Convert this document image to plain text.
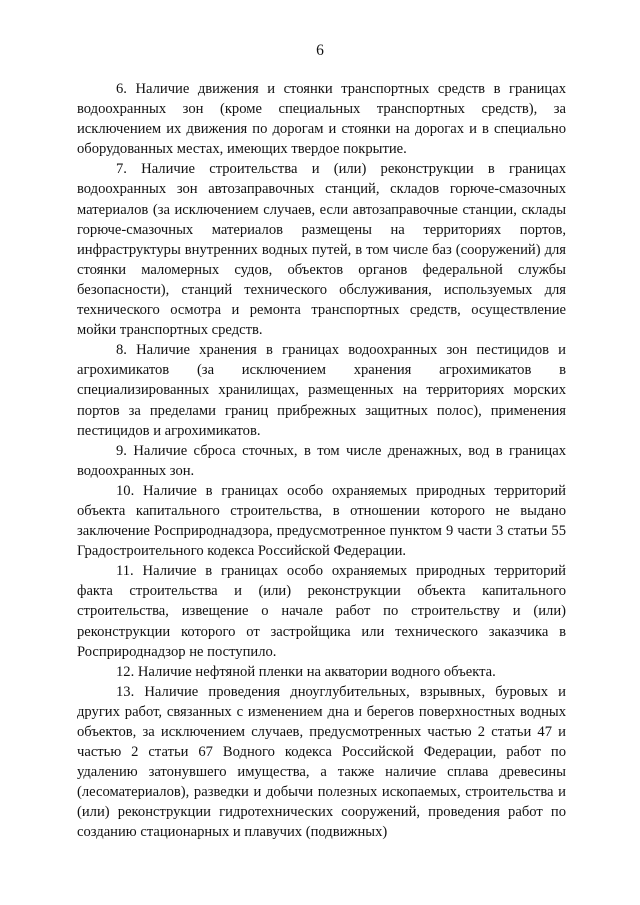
6

6. Наличие движения и стоянки транспортных средств в границах водоохранных зон (кроме специальных транспортных средств), за исключением их движения по дорогам и стоянки на дорогах и в специально оборудованных местах, имеющих твердое покрытие.

7. Наличие строительства и (или) реконструкции в границах водоохранных зон автозаправочных станций, складов горюче-смазочных материалов (за исключением случаев, если автозаправочные станции, склады горюче-смазочных материалов размещены на территориях портов, инфраструктуры внутренних водных путей, в том числе баз (сооружений) для стоянки маломерных судов, объектов органов федеральной службы безопасности), станций технического обслуживания, используемых для технического осмотра и ремонта транспортных средств, осуществление мойки транспортных средств.

8. Наличие хранения в границах водоохранных зон пестицидов и агрохимикатов (за исключением хранения агрохимикатов в специализированных хранилищах, размещенных на территориях морских портов за пределами границ прибрежных защитных полос), применения пестицидов и агрохимикатов.

9. Наличие сброса сточных, в том числе дренажных, вод в границах водоохранных зон.

10. Наличие в границах особо охраняемых природных территорий объекта капитального строительства, в отношении которого не выдано заключение Росприроднадзора, предусмотренное пунктом 9 части 3 статьи 55 Градостроительного кодекса Российской Федерации.

11. Наличие в границах особо охраняемых природных территорий факта строительства и (или) реконструкции объекта капитального строительства, извещение о начале работ по строительству и (или) реконструкции которого от застройщика или технического заказчика в Росприроднадзор не поступило.

12. Наличие нефтяной пленки на акватории водного объекта.

13. Наличие проведения дноуглубительных, взрывных, буровых и других работ, связанных с изменением дна и берегов поверхностных водных объектов, за исключением случаев, предусмотренных частью 2 статьи 47 и частью 2 статьи 67 Водного кодекса Российской Федерации, работ по удалению затонувшего имущества, а также наличие сплава древесины (лесоматериалов), разведки и добычи полезных ископаемых, строительства и (или) реконструкции гидротехнических сооружений, проведения работ по созданию стационарных и плавучих (подвижных)
